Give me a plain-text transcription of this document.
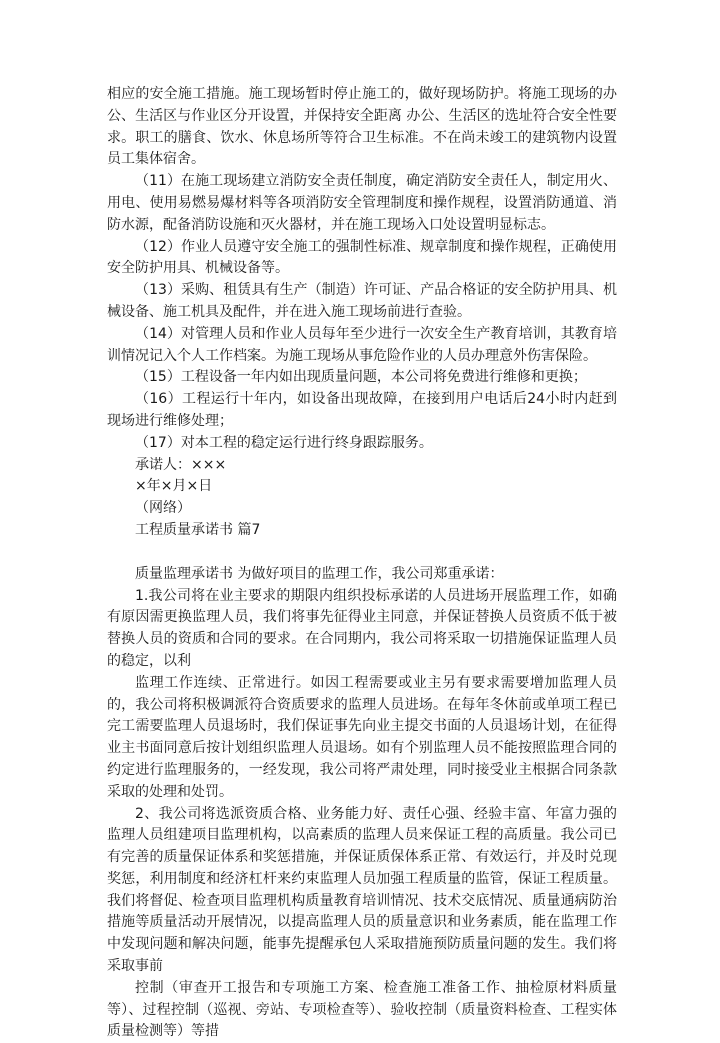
相应的安全施工措施。施工现场暂时停止施工的，做好现场防护。将施工现场的办公、生活区与作业区分开设置，并保持安全距离 办公、生活区的选址符合安全性要求。职工的膳食、饮水、休息场所等符合卫生标准。不在尚未竣工的建筑物内设置员工集体宿舍。

（11）在施工现场建立消防安全责任制度，确定消防安全责任人，制定用火、用电、使用易燃易爆材料等各项消防安全管理制度和操作规程，设置消防通道、消防水源，配备消防设施和灭火器材，并在施工现场入口处设置明显标志。

（12）作业人员遵守安全施工的强制性标准、规章制度和操作规程，正确使用安全防护用具、机械设备等。

（13）采购、租赁具有生产（制造）许可证、产品合格证的安全防护用具、机械设备、施工机具及配件，并在进入施工现场前进行查验。

（14）对管理人员和作业人员每年至少进行一次安全生产教育培训，其教育培训情况记入个人工作档案。为施工现场从事危险作业的人员办理意外伤害保险。

（15）工程设备一年内如出现质量问题，本公司将免费进行维修和更换；

（16）工程运行十年内，如设备出现故障，在接到用户电话后24小时内赶到现场进行维修处理；

（17）对本工程的稳定运行进行终身跟踪服务。

承诺人：×××

×年×月×日

（网络）

工程质量承诺书 篇7

质量监理承诺书 为做好项目的监理工作，我公司郑重承诺：

1.我公司将在业主要求的期限内组织投标承诺的人员进场开展监理工作，如确有原因需更换监理人员，我们将事先征得业主同意，并保证替换人员资质不低于被替换人员的资质和合同的要求。在合同期内，我公司将采取一切措施保证监理人员的稳定，以利

监理工作连续、正常进行。如因工程需要或业主另有要求需要增加监理人员的，我公司将积极调派符合资质要求的监理人员进场。在每年冬休前或单项工程已完工需要监理人员退场时，我们保证事先向业主提交书面的人员退场计划，在征得业主书面同意后按计划组织监理人员退场。如有个别监理人员不能按照监理合同的约定进行监理服务的，一经发现，我公司将严肃处理，同时接受业主根据合同条款采取的处理和处罚。

2、我公司将选派资质合格、业务能力好、责任心强、经验丰富、年富力强的监理人员组建项目监理机构，以高素质的监理人员来保证工程的高质量。我公司已有完善的质量保证体系和奖惩措施，并保证质保体系正常、有效运行，并及时兑现奖惩，利用制度和经济杠杆来约束监理人员加强工程质量的监管，保证工程质量。我们将督促、检查项目监理机构质量教育培训情况、技术交底情况、质量通病防治措施等质量活动开展情况，以提高监理人员的质量意识和业务素质，能在监理工作中发现问题和解决问题，能事先提醒承包人采取措施预防质量问题的发生。我们将采取事前

控制（审查开工报告和专项施工方案、检查施工准备工作、抽检原材料质量等）、过程控制（巡视、旁站、专项检查等）、验收控制（质量资料检查、工程实体质量检测等）等措
